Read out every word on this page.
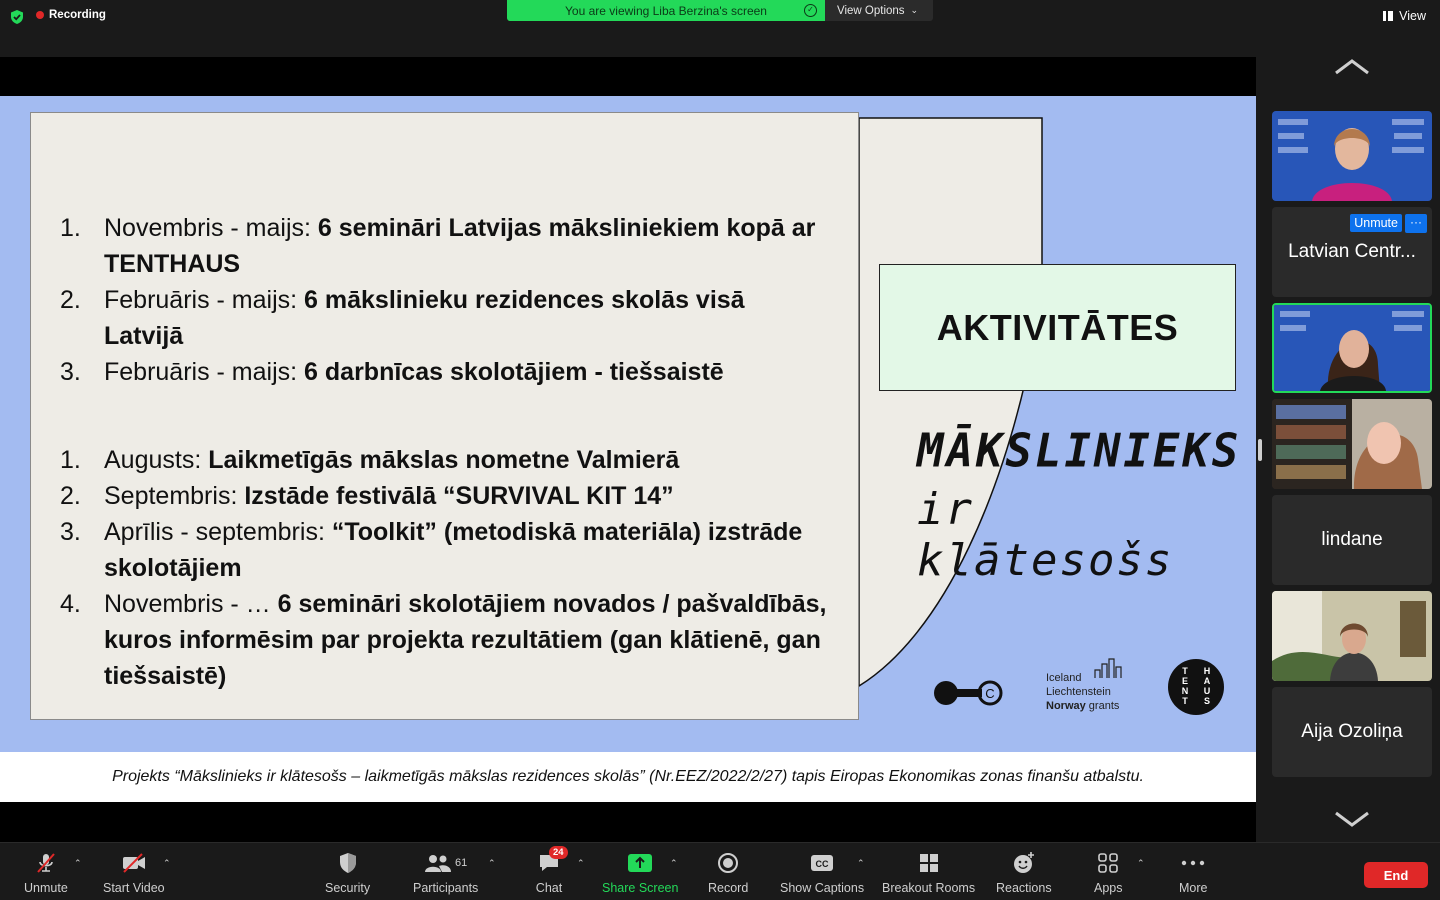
Recording	You are viewing Liba Berzina's screen	✓ View Options ⌄	View
1. Novembris - maijs: 6 semināri Latvijas māksliniekiem kopā ar TENTHAUS
2. Februāris - maijs: 6 mākslinieku rezidences skolās visā Latvijā
3. Februāris - maijs: 6 darbnīcas skolotājiem - tiešsaistē
1. Augusts: Laikmetīgās mākslas nometne Valmierā
2. Septembris: Izstāde festivālā “SURVIVAL KIT 14”
3. Aprīlis - septembris: “Toolkit” (metodiskā materiāla) izstrāde skolotājiem
4. Novembris - … 6 semināri skolotājiem novados / pašvaldībās, kuros informēsim par projekta rezultātiem (gan klātienē, gan tiešsaistē)
AKTIVITĀTES
MĀKSLINIEKS
ir klātesošs
C
Iceland
Liechtenstein
Norway grants
T
E
N
T
H
A
U
S
Projekts “Mākslinieks ir klātesošs – laikmetīgās mākslas rezidences skolās” (Nr.EEZ/2022/2/27) tapis Eiropas Ekonomikas zonas finanšu atbalstu.
Latvian Centr...
Unmute	···
lindane
Aija Ozoliņa
Unmute
⌃
Start Video
⌃
Security
61
Participants
⌃
24
Chat
⌃
Share Screen
⌃
Record
CC
Show Captions
⌃
Breakout Rooms Reactions	Apps
⌃
More
End
